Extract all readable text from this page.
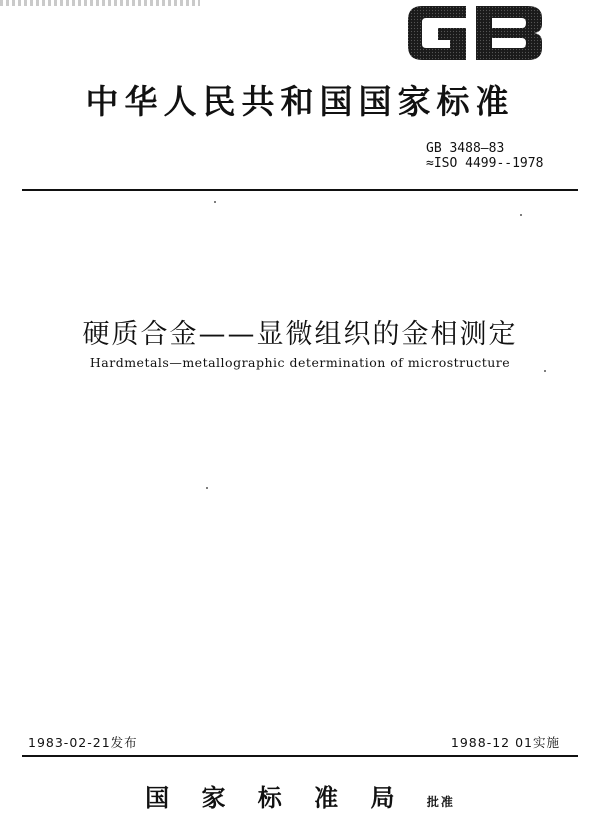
中华人民共和国国家标准
GB 3488—83
≈ISO 4499--1978
硬质合金——显微组织的金相测定
Hardmetals—metallographic determination of microstructure
1983-02-21发布	1988-12 01实施
国 家 标 准 局 批准
